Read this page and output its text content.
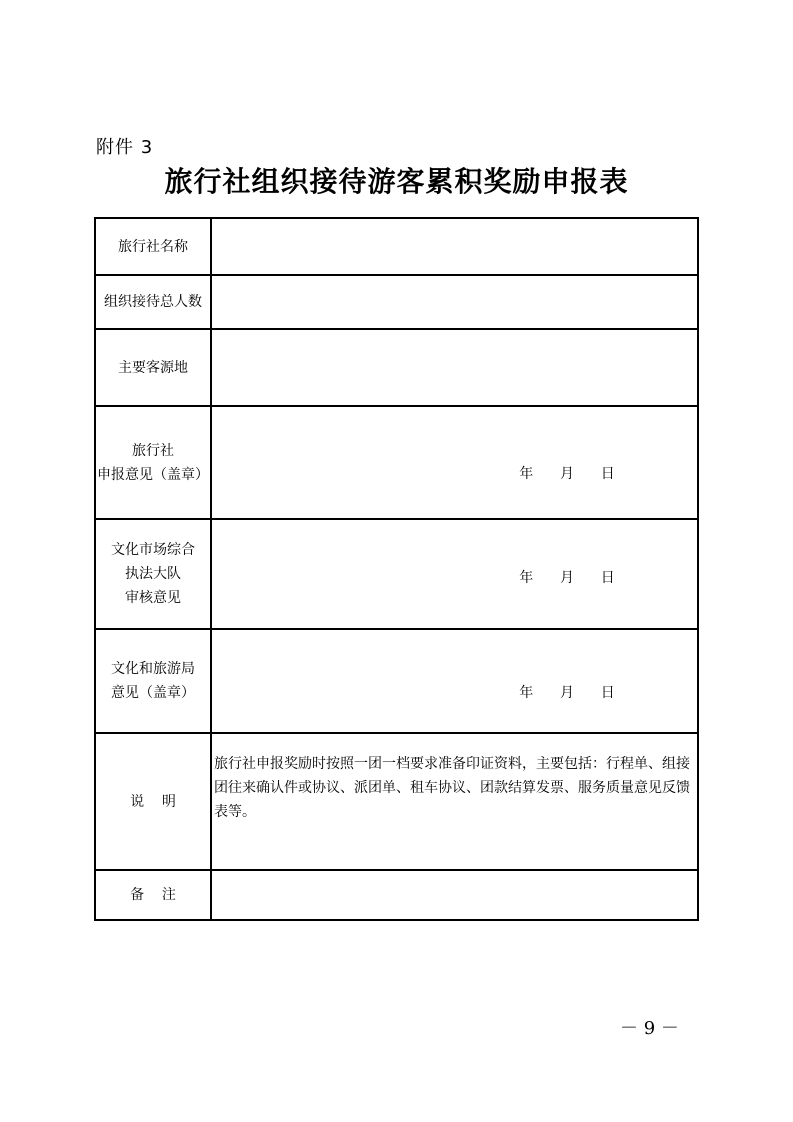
附件 3
旅行社组织接待游客累积奖励申报表
旅行社名称	
组织接待总人数	
主要客源地	

旅行社
申报意见（盖章）	年      月      日

文化市场综合
执法大队
审核意见	年      月      日

文化和旅游局
意见（盖章）	年      月      日

说    明	旅行社申报奖励时按照一团一档要求准备印证资料，主要包括：行程单、组接团往来确认件或协议、派团单、租车协议、团款结算发票、服务质量意见反馈表等。

备    注	
－ 9 －
